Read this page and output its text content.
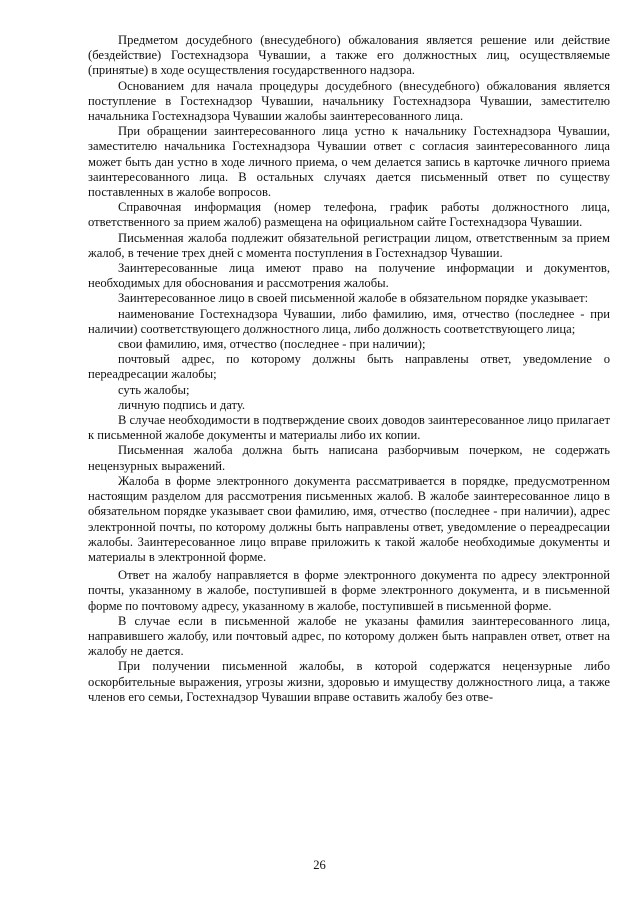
Предметом досудебного (внесудебного) обжалования является решение или действие (бездействие) Гостехнадзора Чувашии, а также его должностных лиц, осуществляемые (принятые) в ходе осуществления государственного надзора.

Основанием для начала процедуры досудебного (внесудебного) обжалования является поступление в Гостехнадзор Чувашии, начальнику Гостехнадзора Чувашии, заместителю начальника Гостехнадзора Чувашии жалобы заинтересованного лица.

При обращении заинтересованного лица устно к начальнику Гостехнадзора Чувашии, заместителю начальника Гостехнадзора Чувашии ответ с согласия заинтересованного лица может быть дан устно в ходе личного приема, о чем делается запись в карточке личного приема заинтересованного лица. В остальных случаях дается письменный ответ по существу поставленных в жалобе вопросов.

Справочная информация (номер телефона, график работы должностного лица, ответственного за прием жалоб) размещена на официальном сайте Гостехнадзора Чувашии.

Письменная жалоба подлежит обязательной регистрации лицом, ответственным за прием жалоб, в течение трех дней с момента поступления в Гостехнадзор Чувашии.

Заинтересованные лица имеют право на получение информации и документов, необходимых для обоснования и рассмотрения жалобы.

Заинтересованное лицо в своей письменной жалобе в обязательном порядке указывает:

наименование Гостехнадзора Чувашии, либо фамилию, имя, отчество (последнее - при наличии) соответствующего должностного лица, либо должность соответствующего лица;

свои фамилию, имя, отчество (последнее - при наличии);

почтовый адрес, по которому должны быть направлены ответ, уведомление о переадресации жалобы;

суть жалобы;

личную подпись и дату.

В случае необходимости в подтверждение своих доводов заинтересованное лицо прилагает к письменной жалобе документы и материалы либо их копии.

Письменная жалоба должна быть написана разборчивым почерком, не содержать нецензурных выражений.

Жалоба в форме электронного документа рассматривается в порядке, предусмотренном настоящим разделом для рассмотрения письменных жалоб. В жалобе заинтересованное лицо в обязательном порядке указывает свои фамилию, имя, отчество (последнее - при наличии), адрес электронной почты, по которому должны быть направлены ответ, уведомление о переадресации жалобы. Заинтересованное лицо вправе приложить к такой жалобе необходимые документы и материалы в электронной форме.

Ответ на жалобу направляется в форме электронного документа по адресу электронной почты, указанному в жалобе, поступившей в форме электронного документа, и в письменной форме по почтовому адресу, указанному в жалобе, поступившей в письменной форме.

В случае если в письменной жалобе не указаны фамилия заинтересованного лица, направившего жалобу, или почтовый адрес, по которому должен быть направлен ответ, ответ на жалобу не дается.

При получении письменной жалобы, в которой содержатся нецензурные либо оскорбительные выражения, угрозы жизни, здоровью и имуществу должностного лица, а также членов его семьи, Гостехнадзор Чувашии вправе оставить жалобу без отве-

26
